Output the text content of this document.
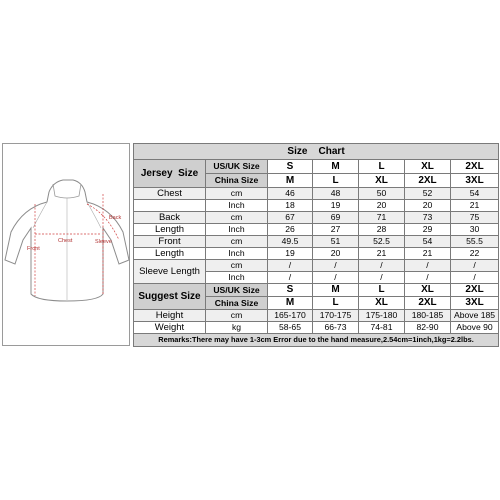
Back
Chest	Sleeve
Front
Size    Chart						
Jersey  Size	US/UK Size	S	M	L	XL	2XL
	China Size	M	L	XL	2XL	3XL
Chest	cm	46	48	50	52	54
	Inch	18	19	20	20	21
Back	cm	67	69	71	73	75
Length	Inch	26	27	28	29	30
Front	cm	49.5	51	52.5	54	55.5
Length	Inch	19	20	21	21	22
Sleeve Length	cm	/	/	/	/	/
	Inch	/	/	/	/	/
Suggest Size	US/UK Size	S	M	L	XL	2XL
	China Size	M	L	XL	2XL	3XL
Height	cm	165-170	170-175	175-180	180-185	Above 185
Weight	kg	58-65	66-73	74-81	82-90	Above 90
Remarks:There may have 1-3cm Error due to the hand measure,2.54cm=1inch,1kg=2.2lbs.						
